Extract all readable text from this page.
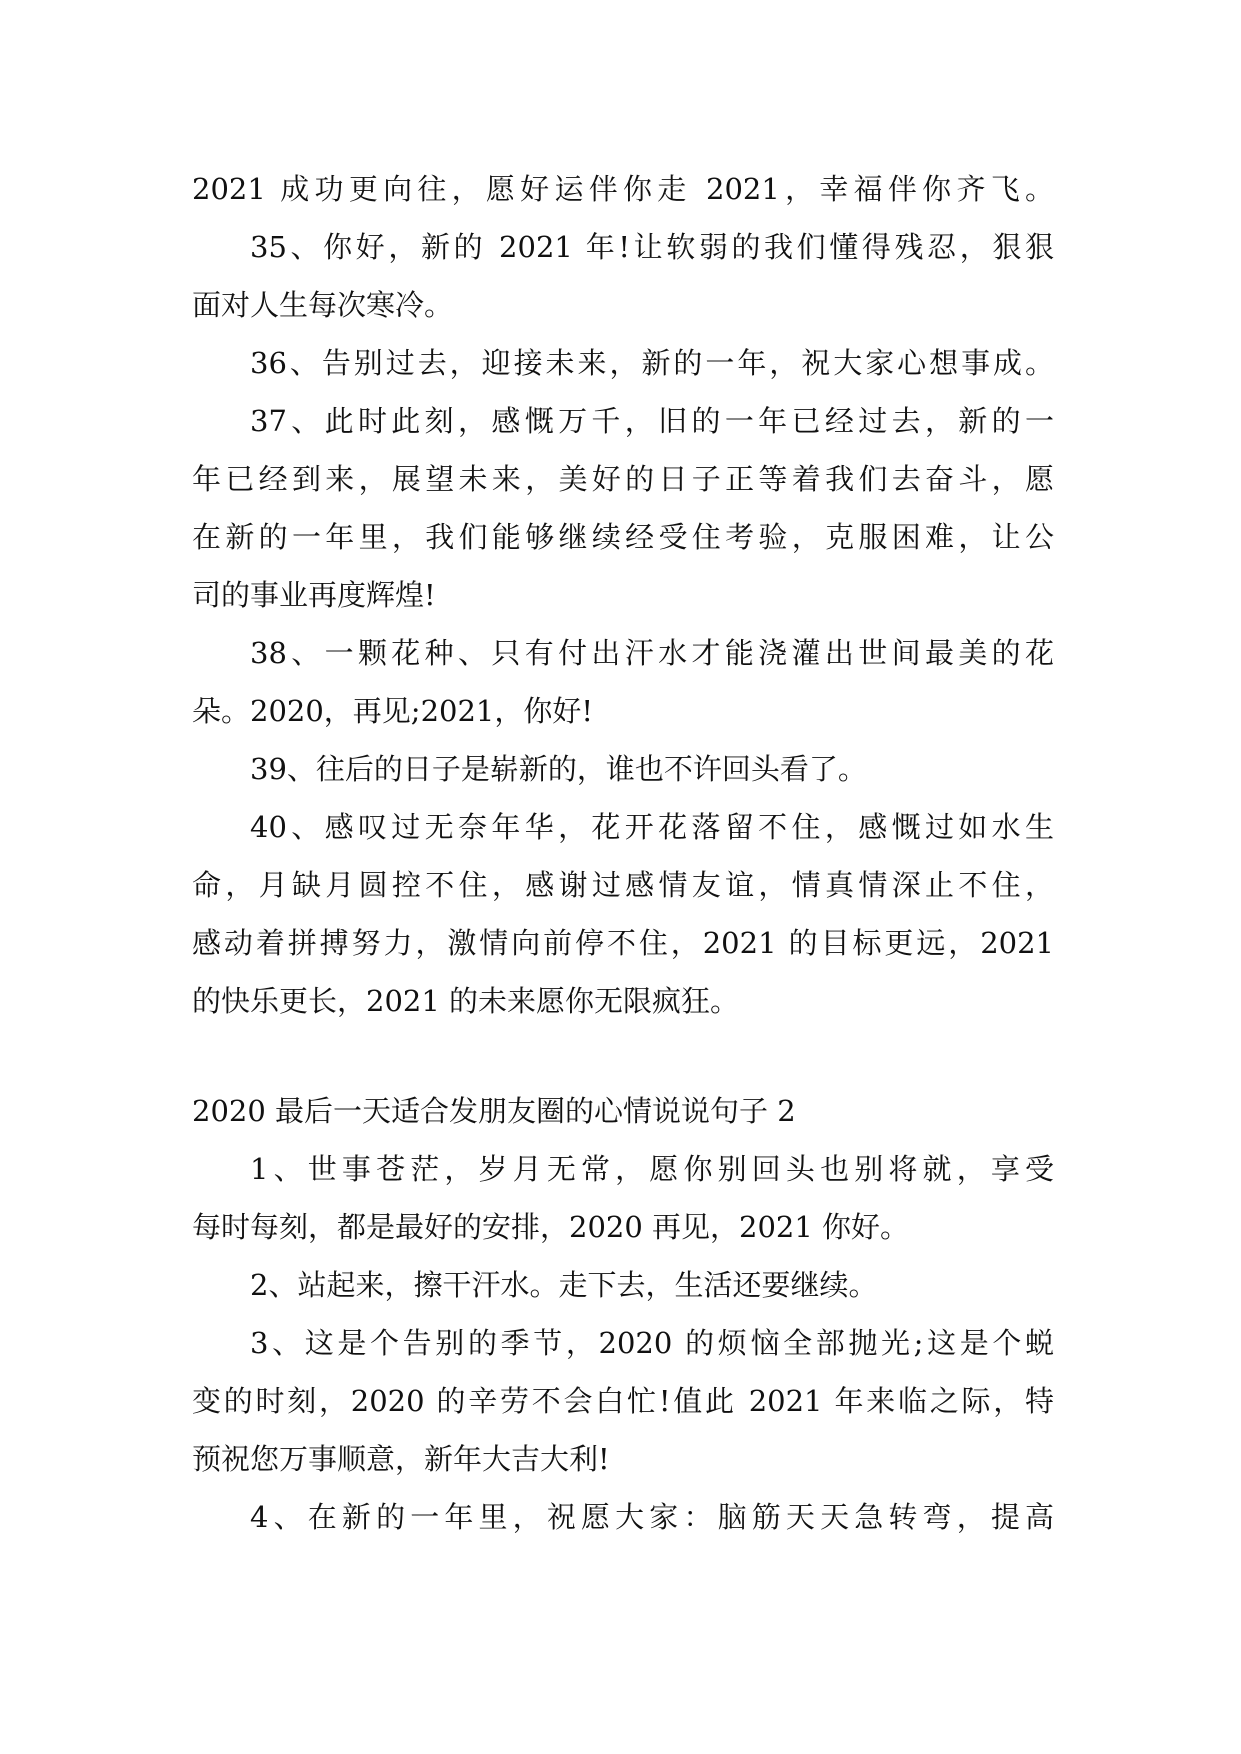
2021 成功更向往，愿好运伴你走 2021，幸福伴你齐飞。
35、你好，新的 2021 年!让软弱的我们懂得残忍，狠狠
面对人生每次寒冷。
36、告别过去，迎接未来，新的一年，祝大家心想事成。
37、此时此刻，感慨万千，旧的一年已经过去，新的一
年已经到来，展望未来，美好的日子正等着我们去奋斗，愿
在新的一年里，我们能够继续经受住考验，克服困难，让公
司的事业再度辉煌!
38、一颗花种、只有付出汗水才能浇灌出世间最美的花
朵。2020，再见;2021，你好!
39、往后的日子是崭新的，谁也不许回头看了。
40、感叹过无奈年华，花开花落留不住，感慨过如水生
命，月缺月圆控不住，感谢过感情友谊，情真情深止不住，
感动着拼搏努力，激情向前停不住，2021 的目标更远，2021
的快乐更长，2021 的未来愿你无限疯狂。
2020 最后一天适合发朋友圈的心情说说句子 2
1、世事苍茫，岁月无常，愿你别回头也别将就，享受
每时每刻，都是最好的安排，2020 再见，2021 你好。
2、站起来，擦干汗水。走下去，生活还要继续。
3、这是个告别的季节，2020 的烦恼全部抛光;这是个蜕
变的时刻，2020 的辛劳不会白忙!值此 2021 年来临之际，特
预祝您万事顺意，新年大吉大利!
4、在新的一年里，祝愿大家：脑筋天天急转弯，提高
